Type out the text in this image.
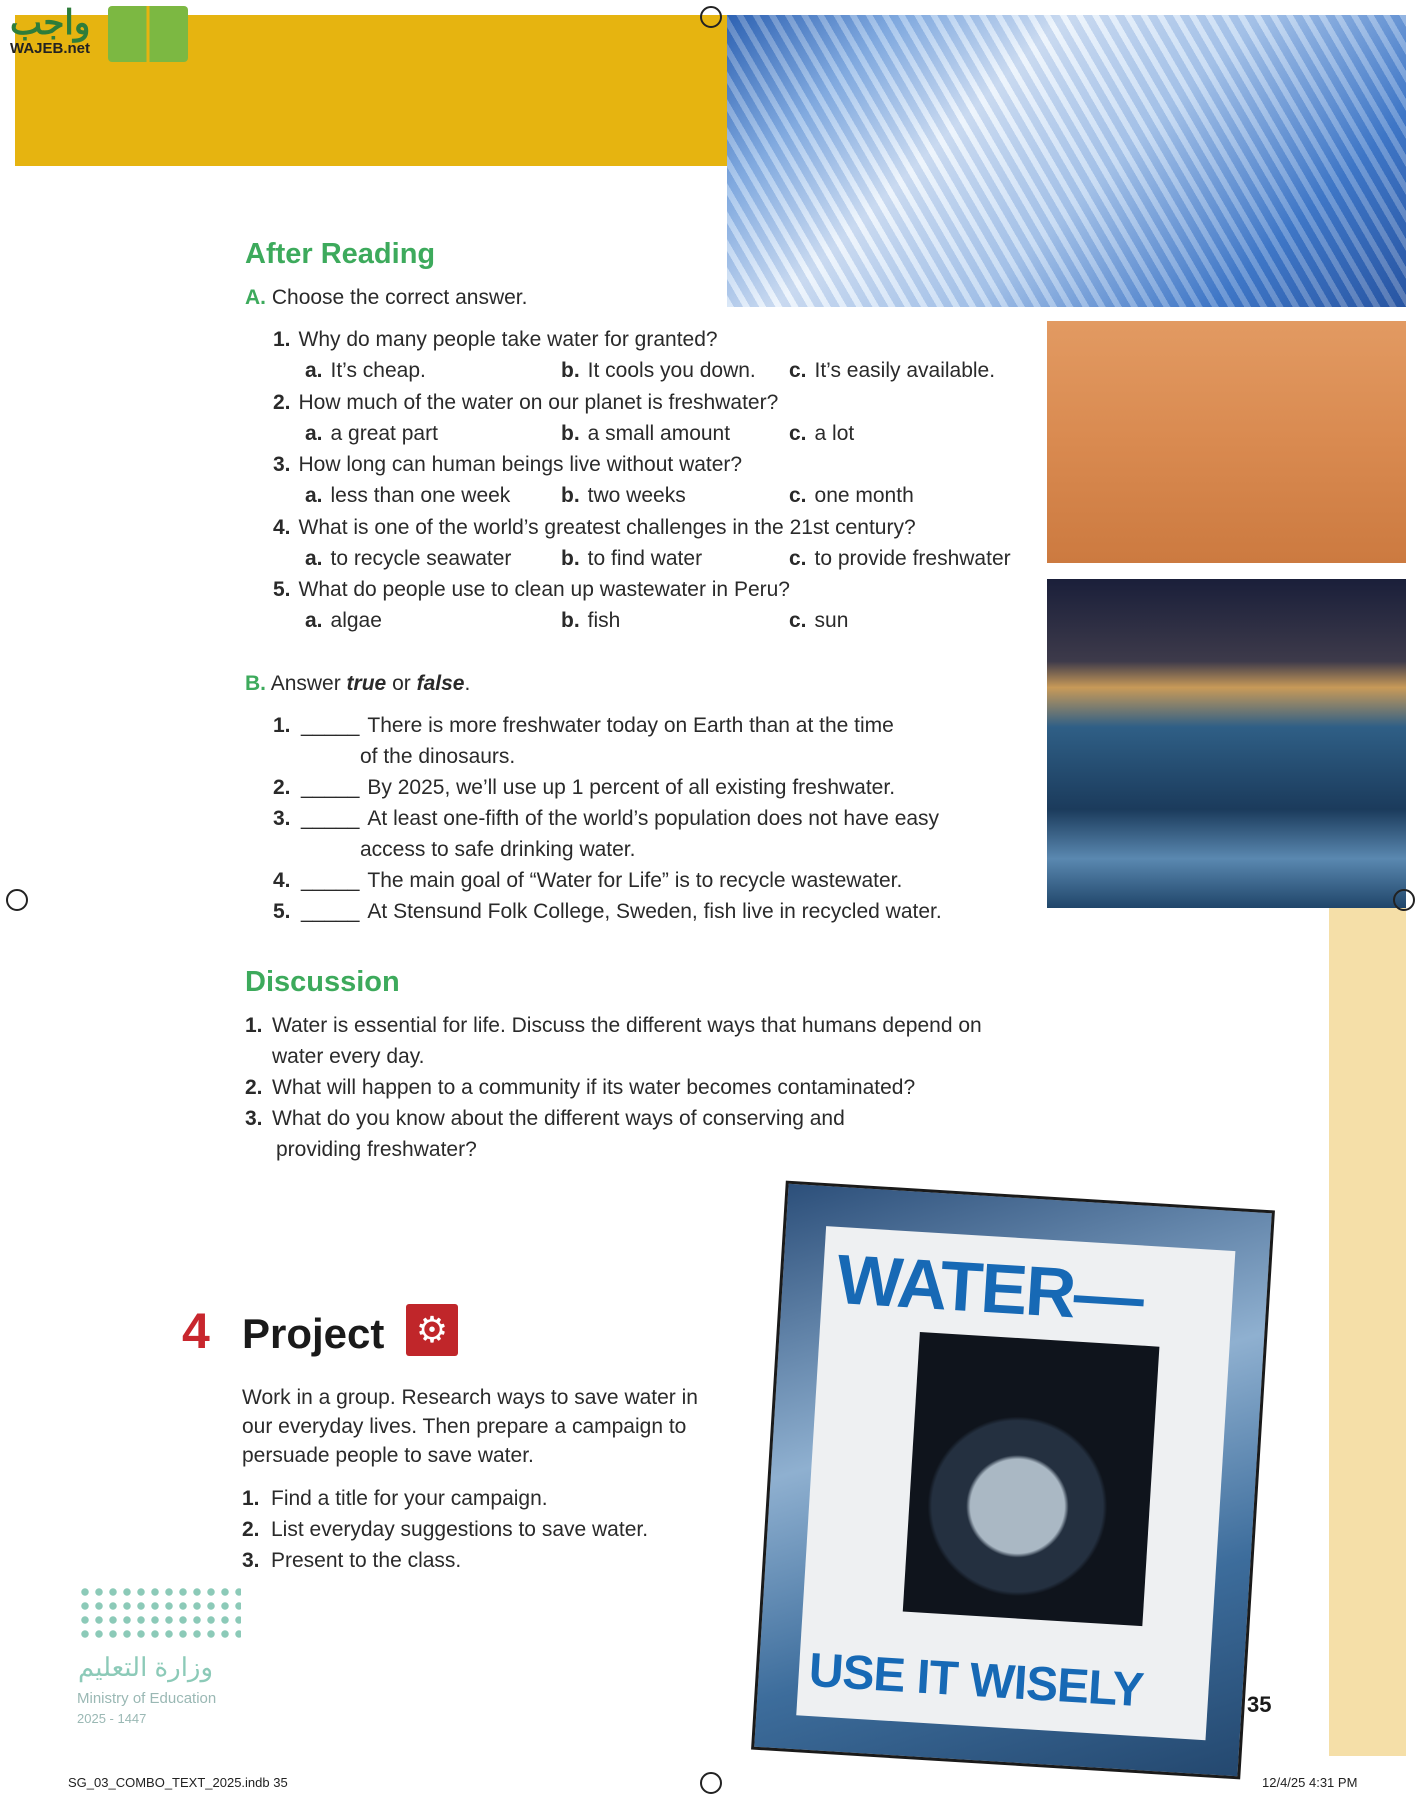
واجب
WAJEB.net
After Reading
A. Choose the correct answer.
1. Why do many people take water for granted?
a. It’s cheap.	b. It cools you down. c. It’s easily available.
2. How much of the water on our planet is freshwater?
a. a great part	b. a small amount	c. a lot
3. How long can human beings live without water?
a. less than one week b. two weeks	c. one month
4. What is one of the world’s greatest challenges in the 21st century?
a. to recycle seawater b. to find water	c. to provide freshwater
5. What do people use to clean up wastewater in Peru?
a. algae	b. fish	c. sun
B. Answer true or false.
1. _____ There is more freshwater today on Earth than at the time
of the dinosaurs.
2. _____ By 2025, we’ll use up 1 percent of all existing freshwater.
3. _____ At least one-fifth of the world’s population does not have easy
access to safe drinking water.
4. _____ The main goal of “Water for Life” is to recycle wastewater.
5. _____ At Stensund Folk College, Sweden, fish live in recycled water.
Discussion
1. Water is essential for life. Discuss the different ways that humans depend on
water every day.
2. What will happen to a community if its water becomes contaminated?
3. What do you know about the different ways of conserving and
providing freshwater?
4 Project ⚙
Work in a group. Research ways to save water in
our everyday lives. Then prepare a campaign to
persuade people to save water.
1. Find a title for your campaign.
2. List everyday suggestions to save water.
3. Present to the class.
WATER—
USE IT WISELY
وزارة التعليم
Ministry of Education
2025 - 1447
35
SG_03_COMBO_TEXT_2025.indb 35	12/4/25 4:31 PM
